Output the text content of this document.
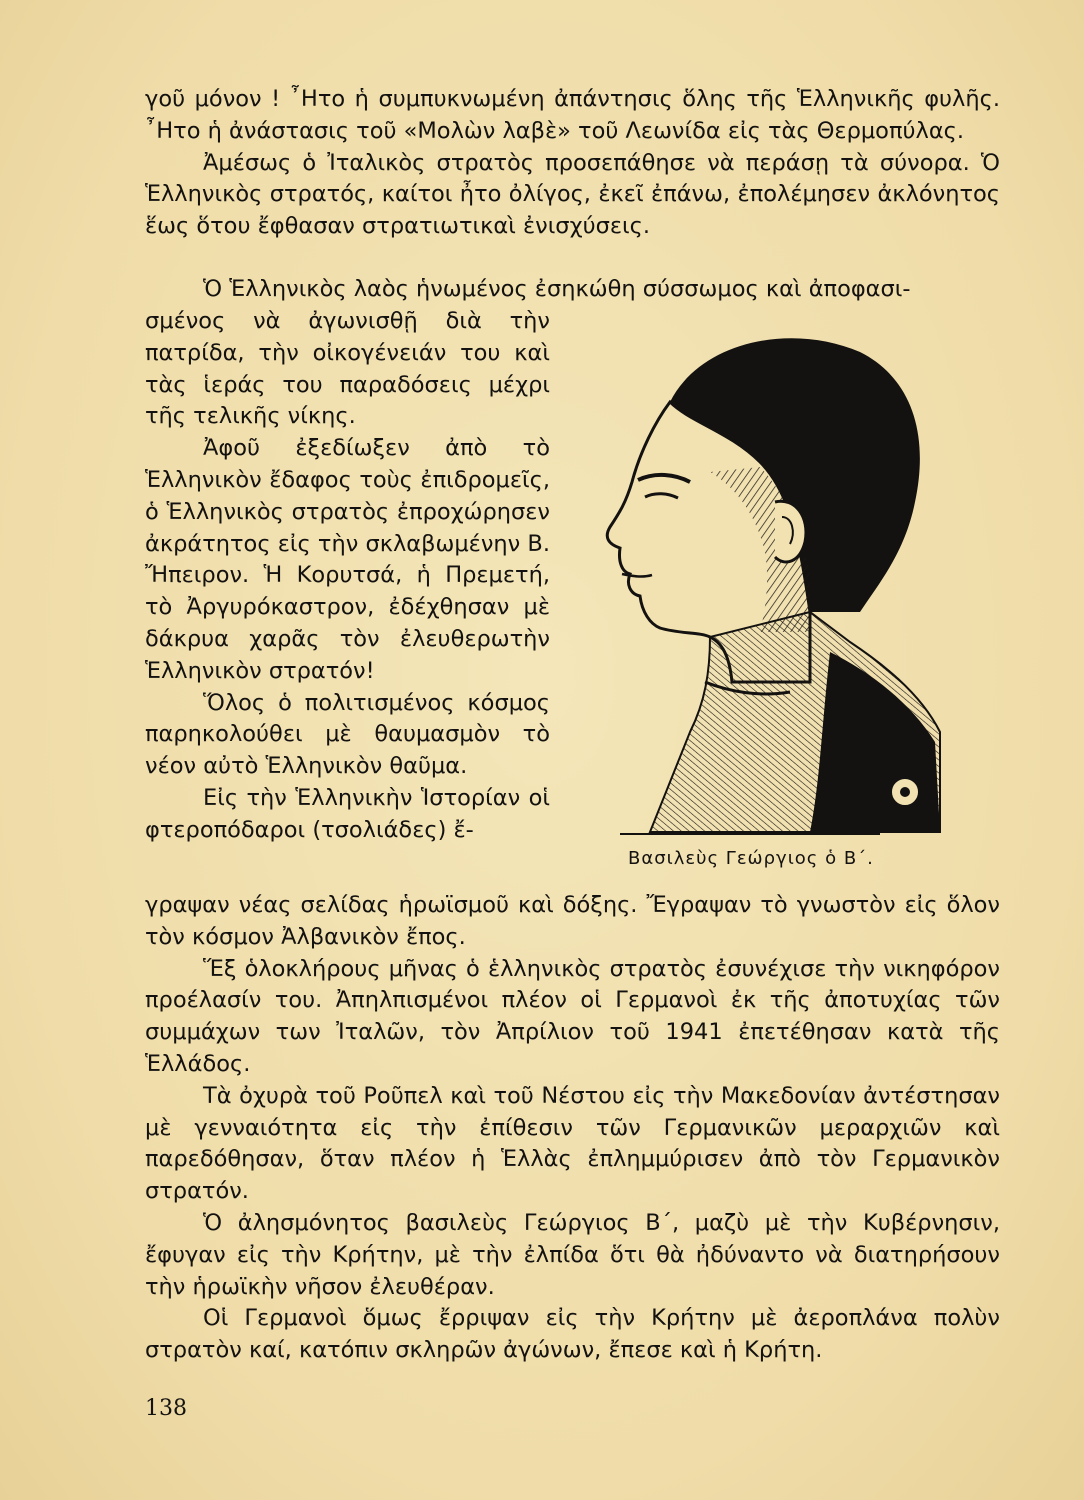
γοῦ μόνον ! ῏Ητο ἡ συμπυκνωμένη ἀπάντησις ὅλης τῆς Ἑλληνικῆς φυλῆς. ῏Ητο ἡ ἀνάστασις τοῦ «Μολὼν λαβὲ» τοῦ Λεωνίδα εἰς τὰς Θερμοπύλας.

Ἀμέσως ὁ Ἰταλικὸς στρατὸς προσεπάθησε νὰ περάσῃ τὰ σύνορα. Ὁ Ἑλληνικὸς στρατός, καίτοι ἦτο ὀλίγος, ἐκεῖ ἐπάνω, ἐπολέμησεν ἀκλόνητος ἕως ὅτου ἔφθασαν στρατιωτικαὶ ἐνισχύσεις.

Ὁ Ἑλληνικὸς λαὸς ἡνωμένος ἐσηκώθη σύσσωμος καὶ ἀποφασι-

σμένος νὰ ἀγωνισθῇ διὰ τὴν πατρίδα, τὴν οἰκογένειάν του καὶ τὰς ἱεράς του παραδόσεις μέχρι τῆς τελικῆς νίκης.

Ἀφοῦ ἐξεδίωξεν ἀπὸ τὸ Ἑλληνικὸν ἔδαφος τοὺς ἐπιδρομεῖς, ὁ Ἑλληνικὸς στρατὸς ἐπροχώρησεν ἀκράτητος εἰς τὴν σκλαβωμένην Β. Ἤπειρον. Ἡ Κορυτσά, ἡ Πρεμετή, τὸ Ἀργυρόκαστρον, ἐδέχθησαν μὲ δάκρυα χαρᾶς τὸν ἐλευθερωτὴν Ἑλληνικὸν στρατόν!

Ὅλος ὁ πολιτισμένος κόσμος παρηκολούθει μὲ θαυμασμὸν τὸ νέον αὐτὸ Ἑλληνικὸν θαῦμα.

Εἰς τὴν Ἑλληνικὴν Ἱστορίαν οἱ φτεροπόδαροι (τσολιάδες) ἔ-

Βασιλεὺς Γεώργιος ὁ Β΄.

γραψαν νέας σελίδας ἡρωϊσμοῦ καὶ δόξης. Ἔγραψαν τὸ γνωστὸν εἰς ὅλον τὸν κόσμον Ἀλβανικὸν ἔπος.

Ἕξ ὁλοκλήρους μῆνας ὁ ἑλληνικὸς στρατὸς ἐσυνέχισε τὴν νικηφόρον προέλασίν του. Ἀπηλπισμένοι πλέον οἱ Γερμανοὶ ἐκ τῆς ἀποτυχίας τῶν συμμάχων των Ἰταλῶν, τὸν Ἀπρίλιον τοῦ 1941 ἐπετέθησαν κατὰ τῆς Ἑλλάδος.

Τὰ ὀχυρὰ τοῦ Ροῦπελ καὶ τοῦ Νέστου εἰς τὴν Μακεδονίαν ἀντέστησαν μὲ γενναιότητα εἰς τὴν ἐπίθεσιν τῶν Γερμανικῶν μεραρχιῶν καὶ παρεδόθησαν, ὅταν πλέον ἡ Ἑλλὰς ἐπλημμύρισεν ἀπὸ τὸν Γερμανικὸν στρατόν.

Ὁ ἀλησμόνητος βασιλεὺς Γεώργιος Β΄, μαζὺ μὲ τὴν Κυβέρνησιν, ἔφυγαν εἰς τὴν Κρήτην, μὲ τὴν ἐλπίδα ὅτι θὰ ἠδύναντο νὰ διατηρήσουν τὴν ἡρωϊκὴν νῆσον ἐλευθέραν.

Οἱ Γερμανοὶ ὅμως ἔρριψαν εἰς τὴν Κρήτην μὲ ἀεροπλάνα πολὺν στρατὸν καί, κατόπιν σκληρῶν ἀγώνων, ἔπεσε καὶ ἡ Κρήτη.

138
